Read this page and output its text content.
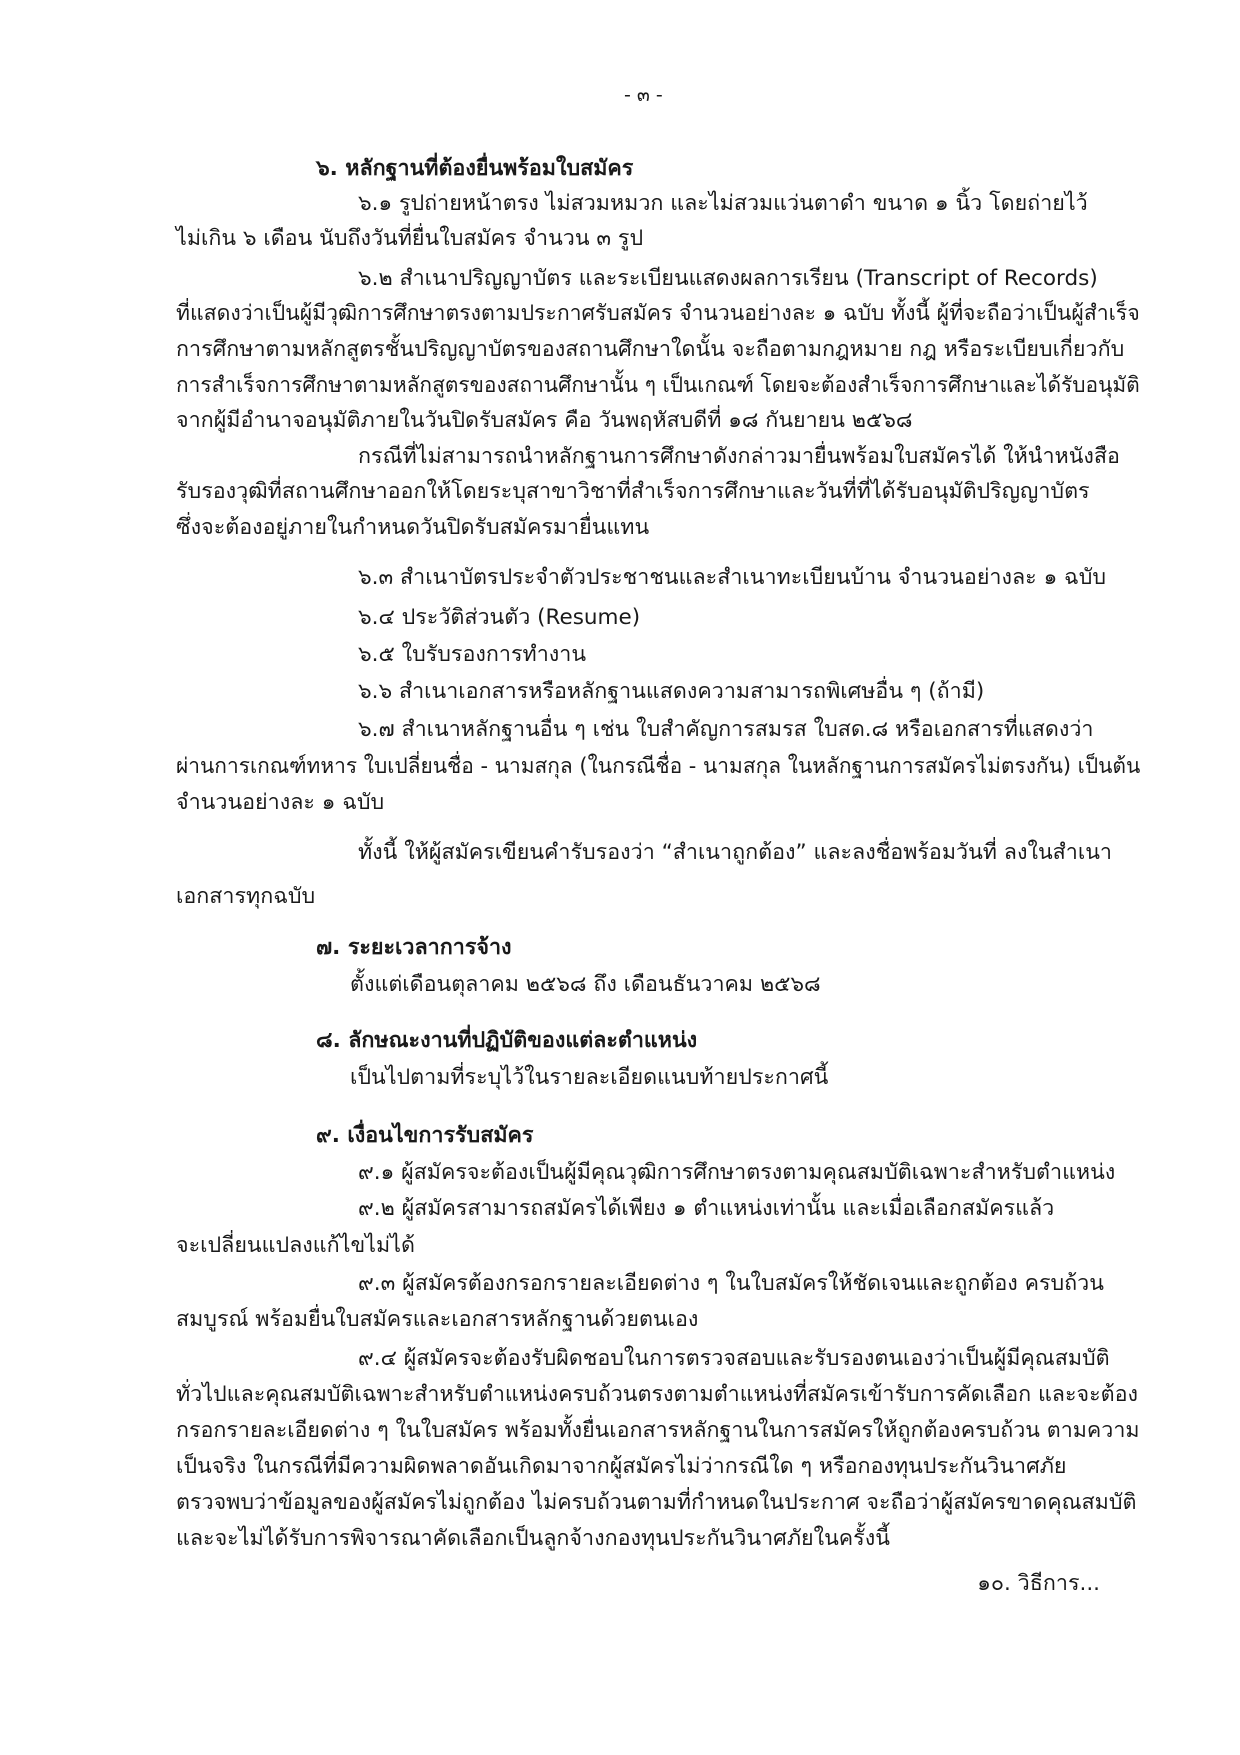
- ๓ -
๖. หลักฐานที่ต้องยื่นพร้อมใบสมัคร
๖.๑ รูปถ่ายหน้าตรง ไม่สวมหมวก และไม่สวมแว่นตาดำ ขนาด ๑ นิ้ว โดยถ่ายไว้
ไม่เกิน ๖ เดือน นับถึงวันที่ยื่นใบสมัคร จำนวน ๓ รูป
๖.๒ สำเนาปริญญาบัตร และระเบียนแสดงผลการเรียน (Transcript of Records)
ที่แสดงว่าเป็นผู้มีวุฒิการศึกษาตรงตามประกาศรับสมัคร จำนวนอย่างละ ๑ ฉบับ ทั้งนี้ ผู้ที่จะถือว่าเป็นผู้สำเร็จ
การศึกษาตามหลักสูตรชั้นปริญญาบัตรของสถานศึกษาใดนั้น จะถือตามกฎหมาย กฎ หรือระเบียบเกี่ยวกับ
การสำเร็จการศึกษาตามหลักสูตรของสถานศึกษานั้น ๆ เป็นเกณฑ์ โดยจะต้องสำเร็จการศึกษาและได้รับอนุมัติ
จากผู้มีอำนาจอนุมัติภายในวันปิดรับสมัคร คือ วันพฤหัสบดีที่ ๑๘ กันยายน ๒๕๖๘
กรณีที่ไม่สามารถนำหลักฐานการศึกษาดังกล่าวมายื่นพร้อมใบสมัครได้ ให้นำหนังสือ
รับรองวุฒิที่สถานศึกษาออกให้โดยระบุสาขาวิชาที่สำเร็จการศึกษาและวันที่ที่ได้รับอนุมัติปริญญาบัตร
ซึ่งจะต้องอยู่ภายในกำหนดวันปิดรับสมัครมายื่นแทน
๖.๓ สำเนาบัตรประจำตัวประชาชนและสำเนาทะเบียนบ้าน จำนวนอย่างละ ๑ ฉบับ
๖.๔ ประวัติส่วนตัว (Resume)
๖.๕ ใบรับรองการทำงาน
๖.๖ สำเนาเอกสารหรือหลักฐานแสดงความสามารถพิเศษอื่น ๆ (ถ้ามี)
๖.๗ สำเนาหลักฐานอื่น ๆ เช่น ใบสำคัญการสมรส ใบสด.๘ หรือเอกสารที่แสดงว่า
ผ่านการเกณฑ์ทหาร ใบเปลี่ยนชื่อ - นามสกุล (ในกรณีชื่อ - นามสกุล ในหลักฐานการสมัครไม่ตรงกัน) เป็นต้น
จำนวนอย่างละ ๑ ฉบับ
ทั้งนี้ ให้ผู้สมัครเขียนคำรับรองว่า “สำเนาถูกต้อง” และลงชื่อพร้อมวันที่ ลงในสำเนา
เอกสารทุกฉบับ
๗. ระยะเวลาการจ้าง
ตั้งแต่เดือนตุลาคม ๒๕๖๘ ถึง เดือนธันวาคม ๒๕๖๘
๘. ลักษณะงานที่ปฏิบัติของแต่ละตำแหน่ง
เป็นไปตามที่ระบุไว้ในรายละเอียดแนบท้ายประกาศนี้
๙. เงื่อนไขการรับสมัคร
๙.๑ ผู้สมัครจะต้องเป็นผู้มีคุณวุฒิการศึกษาตรงตามคุณสมบัติเฉพาะสำหรับตำแหน่ง
๙.๒ ผู้สมัครสามารถสมัครได้เพียง ๑ ตำแหน่งเท่านั้น และเมื่อเลือกสมัครแล้ว
จะเปลี่ยนแปลงแก้ไขไม่ได้
๙.๓ ผู้สมัครต้องกรอกรายละเอียดต่าง ๆ ในใบสมัครให้ชัดเจนและถูกต้อง ครบถ้วน
สมบูรณ์ พร้อมยื่นใบสมัครและเอกสารหลักฐานด้วยตนเอง
๙.๔ ผู้สมัครจะต้องรับผิดชอบในการตรวจสอบและรับรองตนเองว่าเป็นผู้มีคุณสมบัติ
ทั่วไปและคุณสมบัติเฉพาะสำหรับตำแหน่งครบถ้วนตรงตามตำแหน่งที่สมัครเข้ารับการคัดเลือก และจะต้อง
กรอกรายละเอียดต่าง ๆ ในใบสมัคร พร้อมทั้งยื่นเอกสารหลักฐานในการสมัครให้ถูกต้องครบถ้วน ตามความ
เป็นจริง ในกรณีที่มีความผิดพลาดอันเกิดมาจากผู้สมัครไม่ว่ากรณีใด ๆ หรือกองทุนประกันวินาศภัย
ตรวจพบว่าข้อมูลของผู้สมัครไม่ถูกต้อง ไม่ครบถ้วนตามที่กำหนดในประกาศ จะถือว่าผู้สมัครขาดคุณสมบัติ
และจะไม่ได้รับการพิจารณาคัดเลือกเป็นลูกจ้างกองทุนประกันวินาศภัยในครั้งนี้
๑๐. วิธีการ...
